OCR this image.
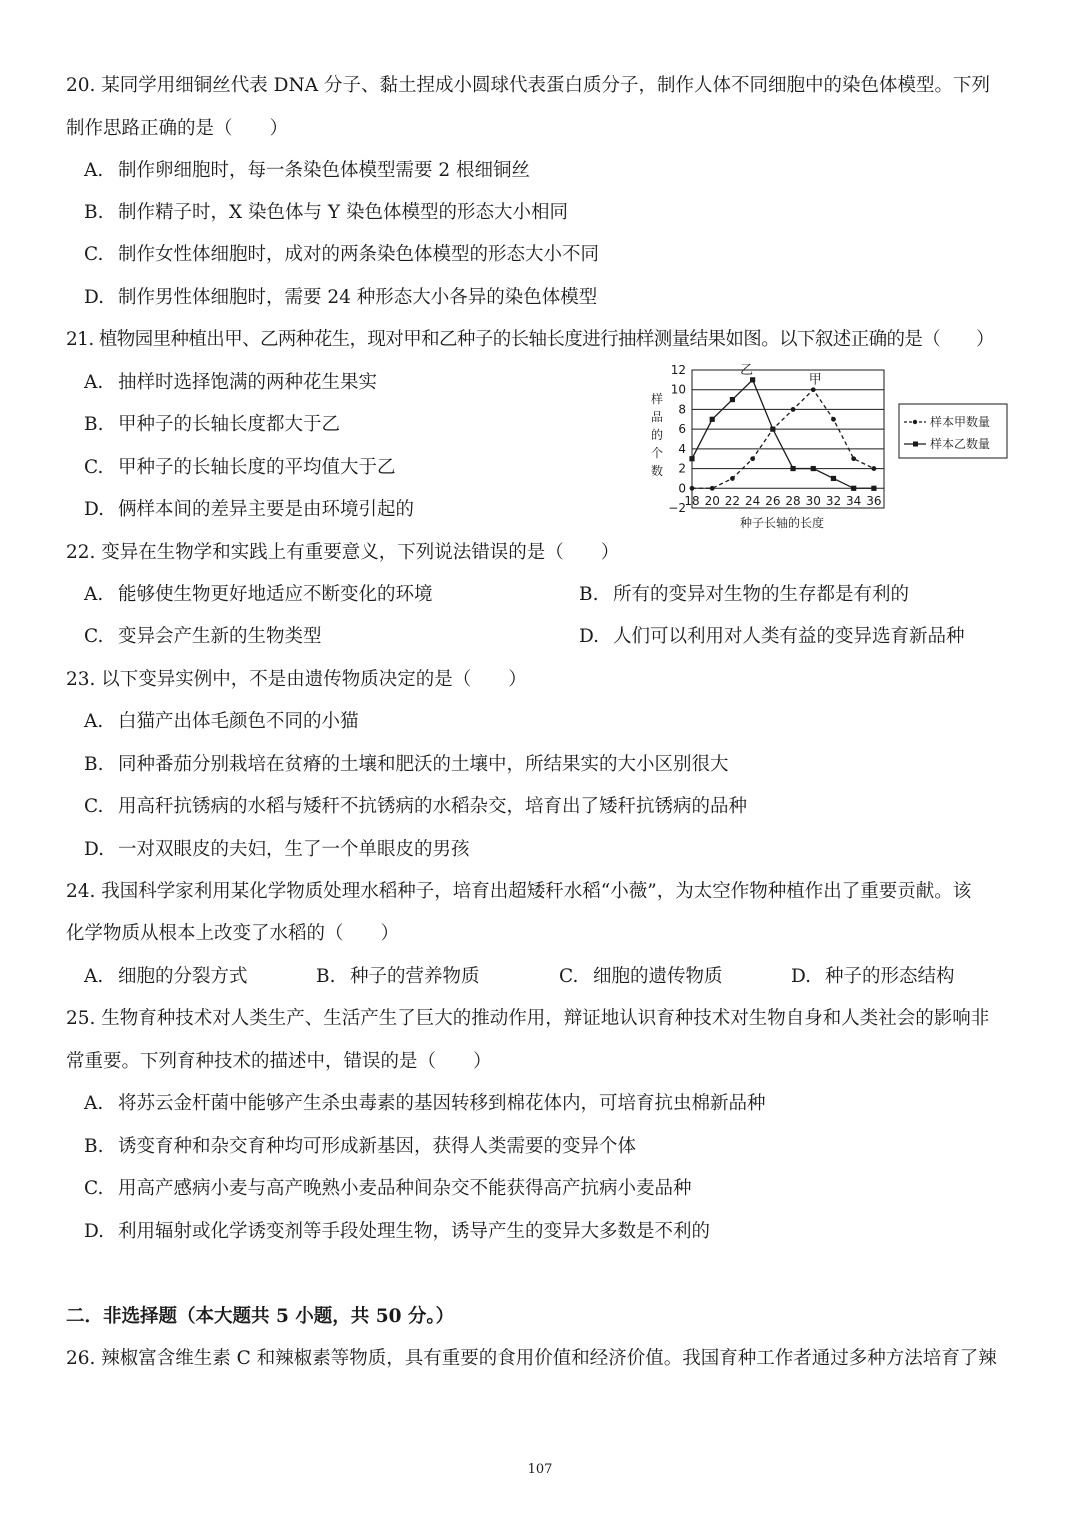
20. 某同学用细铜丝代表 DNA 分子、黏土捏成小圆球代表蛋白质分子，制作人体不同细胞中的染色体模型。下列
制作思路正确的是（　　）
A. 制作卵细胞时，每一条染色体模型需要 2 根细铜丝
B. 制作精子时，X 染色体与 Y 染色体模型的形态大小相同
C. 制作女性体细胞时，成对的两条染色体模型的形态大小不同
D. 制作男性体细胞时，需要 24 种形态大小各异的染色体模型
21. 植物园里种植出甲、乙两种花生，现对甲和乙种子的长轴长度进行抽样测量结果如图。以下叙述正确的是（　　）
A. 抽样时选择饱满的两种花生果实
B. 甲种子的长轴长度都大于乙
C. 甲种子的长轴长度的平均值大于乙
D. 俩样本间的差异主要是由环境引起的
12
10
8
6
4
2
0
−2
18 20 22 24 26 28 30 32 34 36
种子长轴的长度
样
品
的
个
数
甲
乙
样本甲数量
样本乙数量
22. 变异在生物学和实践上有重要意义，下列说法错误的是（　　）
A. 能够使生物更好地适应不断变化的环境	B. 所有的变异对生物的生存都是有利的
C. 变异会产生新的生物类型	D. 人们可以利用对人类有益的变异选育新品种
23. 以下变异实例中，不是由遗传物质决定的是（　　）
A. 白猫产出体毛颜色不同的小猫
B. 同种番茄分别栽培在贫瘠的土壤和肥沃的土壤中，所结果实的大小区别很大
C. 用高秆抗锈病的水稻与矮秆不抗锈病的水稻杂交，培育出了矮秆抗锈病的品种
D. 一对双眼皮的夫妇，生了一个单眼皮的男孩
24. 我国科学家利用某化学物质处理水稻种子，培育出超矮秆水稻“小薇”，为太空作物种植作出了重要贡献。该
化学物质从根本上改变了水稻的（　　）
A. 细胞的分裂方式	B. 种子的营养物质	C. 细胞的遗传物质	D. 种子的形态结构
25. 生物育种技术对人类生产、生活产生了巨大的推动作用，辩证地认识育种技术对生物自身和人类社会的影响非
常重要。下列育种技术的描述中，错误的是（　　）
A. 将苏云金杆菌中能够产生杀虫毒素的基因转移到棉花体内，可培育抗虫棉新品种
B. 诱变育种和杂交育种均可形成新基因，获得人类需要的变异个体
C. 用高产感病小麦与高产晚熟小麦品种间杂交不能获得高产抗病小麦品种
D. 利用辐射或化学诱变剂等手段处理生物，诱导产生的变异大多数是不利的
二．非选择题（本大题共 5 小题，共 50 分。）
26. 辣椒富含维生素 C 和辣椒素等物质，具有重要的食用价值和经济价值。我国育种工作者通过多种方法培育了辣
107
